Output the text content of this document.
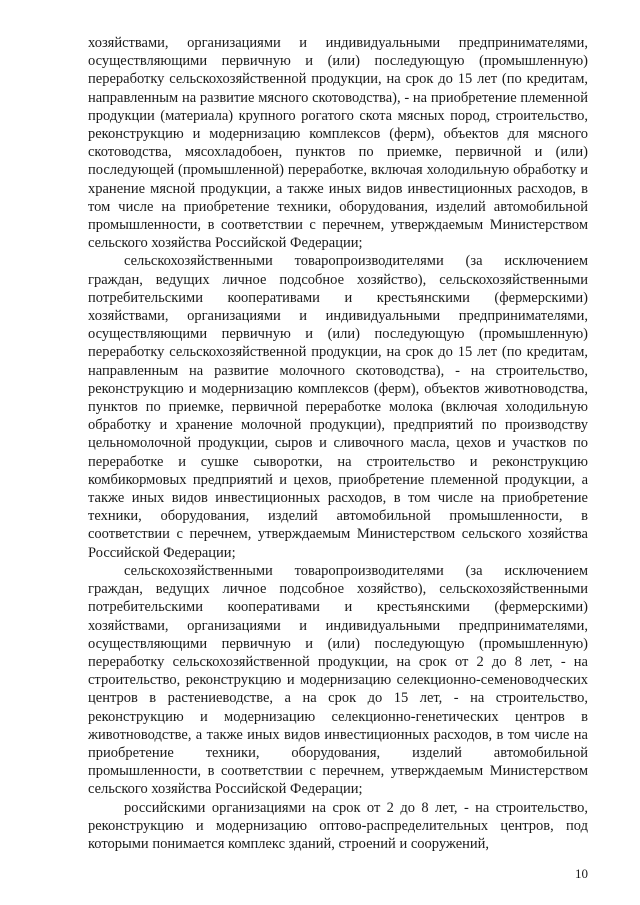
хозяйствами, организациями и индивидуальными предпринимателями, осуществляющими первичную и (или) последующую (промышленную) переработку сельскохозяйственной продукции, на срок до 15 лет (по кредитам, направленным на развитие мясного скотоводства), - на приобретение племенной продукции (материала) крупного рогатого скота мясных пород, строительство, реконструкцию и модернизацию комплексов (ферм), объектов для мясного скотоводства, мясохладобоен, пунктов по приемке, первичной и (или) последующей (промышленной) переработке, включая холодильную обработку и хранение мясной продукции, а также иных видов инвестиционных расходов, в том числе на приобретение техники, оборудования, изделий автомобильной промышленности, в соответствии с перечнем, утверждаемым Министерством сельского хозяйства Российской Федерации;

сельскохозяйственными товаропроизводителями (за исключением граждан, ведущих личное подсобное хозяйство), сельскохозяйственными потребительскими кооперативами и крестьянскими (фермерскими) хозяйствами, организациями и индивидуальными предпринимателями, осуществляющими первичную и (или) последующую (промышленную) переработку сельскохозяйственной продукции, на срок до 15 лет (по кредитам, направленным на развитие молочного скотоводства), - на строительство, реконструкцию и модернизацию комплексов (ферм), объектов животноводства, пунктов по приемке, первичной переработке молока (включая холодильную обработку и хранение молочной продукции), предприятий по производству цельномолочной продукции, сыров и сливочного масла, цехов и участков по переработке и сушке сыворотки, на строительство и реконструкцию комбикормовых предприятий и цехов, приобретение племенной продукции, а также иных видов инвестиционных расходов, в том числе на приобретение техники, оборудования, изделий автомобильной промышленности, в соответствии с перечнем, утверждаемым Министерством сельского хозяйства Российской Федерации;

сельскохозяйственными товаропроизводителями (за исключением граждан, ведущих личное подсобное хозяйство), сельскохозяйственными потребительскими кооперативами и крестьянскими (фермерскими) хозяйствами, организациями и индивидуальными предпринимателями, осуществляющими первичную и (или) последующую (промышленную) переработку сельскохозяйственной продукции, на срок от 2 до 8 лет, - на строительство, реконструкцию и модернизацию селекционно-семеноводческих центров в растениеводстве, а на срок до 15 лет, - на строительство, реконструкцию и модернизацию селекционно-генетических центров в животноводстве, а также иных видов инвестиционных расходов, в том числе на приобретение техники, оборудования, изделий автомобильной промышленности, в соответствии с перечнем, утверждаемым Министерством сельского хозяйства Российской Федерации;

российскими организациями на срок от 2 до 8 лет, - на строительство, реконструкцию и модернизацию оптово-распределительных центров, под которыми понимается комплекс зданий, строений и сооружений,

10
